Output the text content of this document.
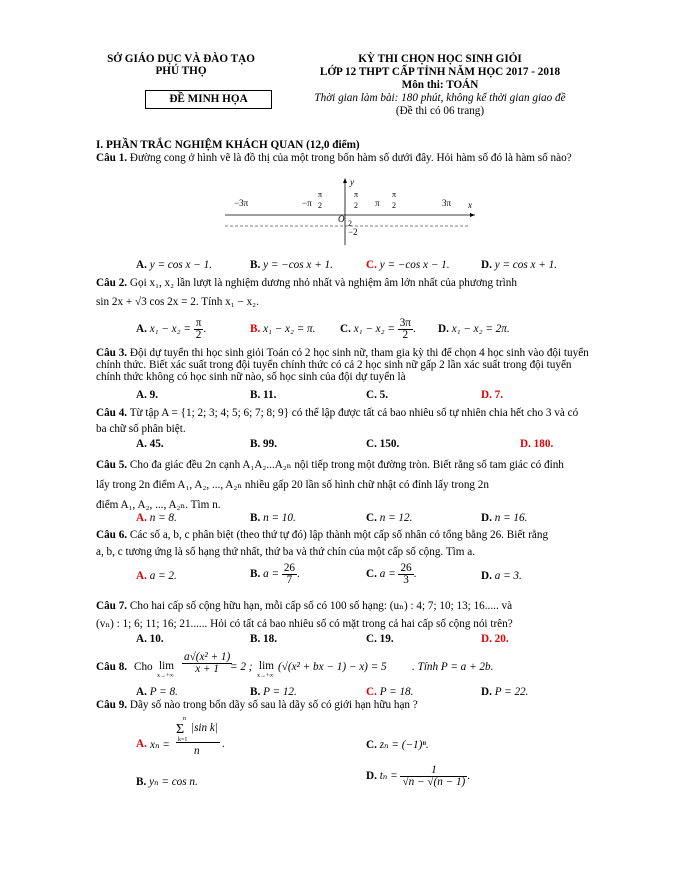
SỞ GIÁO DỤC VÀ ĐÀO TẠO
PHÚ THỌ
ĐỀ MINH HỌA
KỲ THI CHỌN HỌC SINH GIỎI
LỚP 12 THPT CẤP TỈNH NĂM HỌC 2017 - 2018
Môn thi: TOÁN
Thời gian làm bài: 180 phút, không kể thời gian giao đề
(Đề thi có 06 trang)
I. PHẦN TRẮC NGHIỆM KHÁCH QUAN (12,0 điểm)
Câu 1. Đường cong ở hình vẽ là đồ thị của một trong bốn hàm số dưới đây. Hỏi hàm số đó là hàm số nào?
O
y
x
−2
−3π	−π	3π
π
π
2
π
2
π
2
2
A. y = cos x − 1.	B. y = −cos x + 1.	C. y = −cos x − 1.	D. y = cos x + 1.
Câu 2. Gọi x₁, x₂ lần lượt là nghiệm dương nhỏ nhất và nghiệm âm lớn nhất của phương trình
sin 2x + √3 cos 2x = 2. Tính x₁ − x₂.
A. $x_1 - x_2 = \frac{\pi}{2}$ .	B. x₁ − x₂ = π. C. $x_1 - x_2 = \frac{3\pi}{2}$ . D. x₁ − x₂ = 2π.
Câu 3. Đội dự tuyển thi học sinh giỏi Toán có 2 học sinh nữ, tham gia kỳ thi để chọn 4 học sinh vào đội tuyển chính thức. Biết xác suất trong đội tuyển chính thức có cả 2 học sinh nữ gấp 2 lần xác suất trong đội tuyển chính thức không có học sinh nữ nào, số học sinh của đội dự tuyển là
A. 9.	B. 11.	C. 5.	D. 7.
Câu 4. Từ tập A = {1; 2; 3; 4; 5; 6; 7; 8; 9} có thể lập được tất cả bao nhiêu số tự nhiên chia hết cho 3 và có
ba chữ số phân biệt.
A. 45.	B. 99.	C. 150.	D. 180.
Câu 5. Cho đa giác đều 2n cạnh A₁A₂...A₂ₙ nội tiếp trong một đường tròn. Biết rằng số tam giác có đỉnh
lấy trong 2n điểm A₁, A₂, ..., A₂ₙ nhiều gấp 20 lần số hình chữ nhật có đỉnh lấy trong 2n
điểm A₁, A₂, ..., A₂ₙ. Tìm n.
A. n = 8.	B. n = 10.	C. n = 12.	D. n = 16.
Câu 6. Các số a, b, c phân biệt (theo thứ tự đó) lập thành một cấp số nhân có tổng bằng 26. Biết rằng
a, b, c tương ứng là số hạng thứ nhất, thứ ba và thứ chín của một cấp số cộng. Tìm a.
A. a = 2.	B. $a = \frac{26}{7}$ .	C. $a = \frac{26}{3}$ .	D. a = 3.
Câu 7. Cho hai cấp số cộng hữu hạn, mỗi cấp số có 100 số hạng: (uₙ) : 4; 7; 10; 13; 16..... và
(vₙ) : 1; 6; 11; 16; 21...... Hỏi có tất cả bao nhiêu số có mặt trong cả hai cấp số cộng nói trên?
A. 10.	B. 18.	C. 19.	D. 20.
Câu 8. Cho lim
x→+∞
$\frac{\text{a√(x² + 1)}}{x + 1}$
= 2 ; lim
x→+∞
(√(x² + bx − 1) − x) = 5 . Tính P = a + 2b.
A. P = 8.	B. P = 12.	C. P = 18.	D. P = 22.
Câu 9. Dãy số nào trong bốn dãy số sau là dãy số có giới hạn hữu hạn ?
A. xₙ =
n
Σ
k=1
|sin k|
n
.	C. zₙ = (−1)ⁿ.
B. yₙ = cos n.	D. $t_n = \frac{1}{√n - √(n - 1)}$ .
